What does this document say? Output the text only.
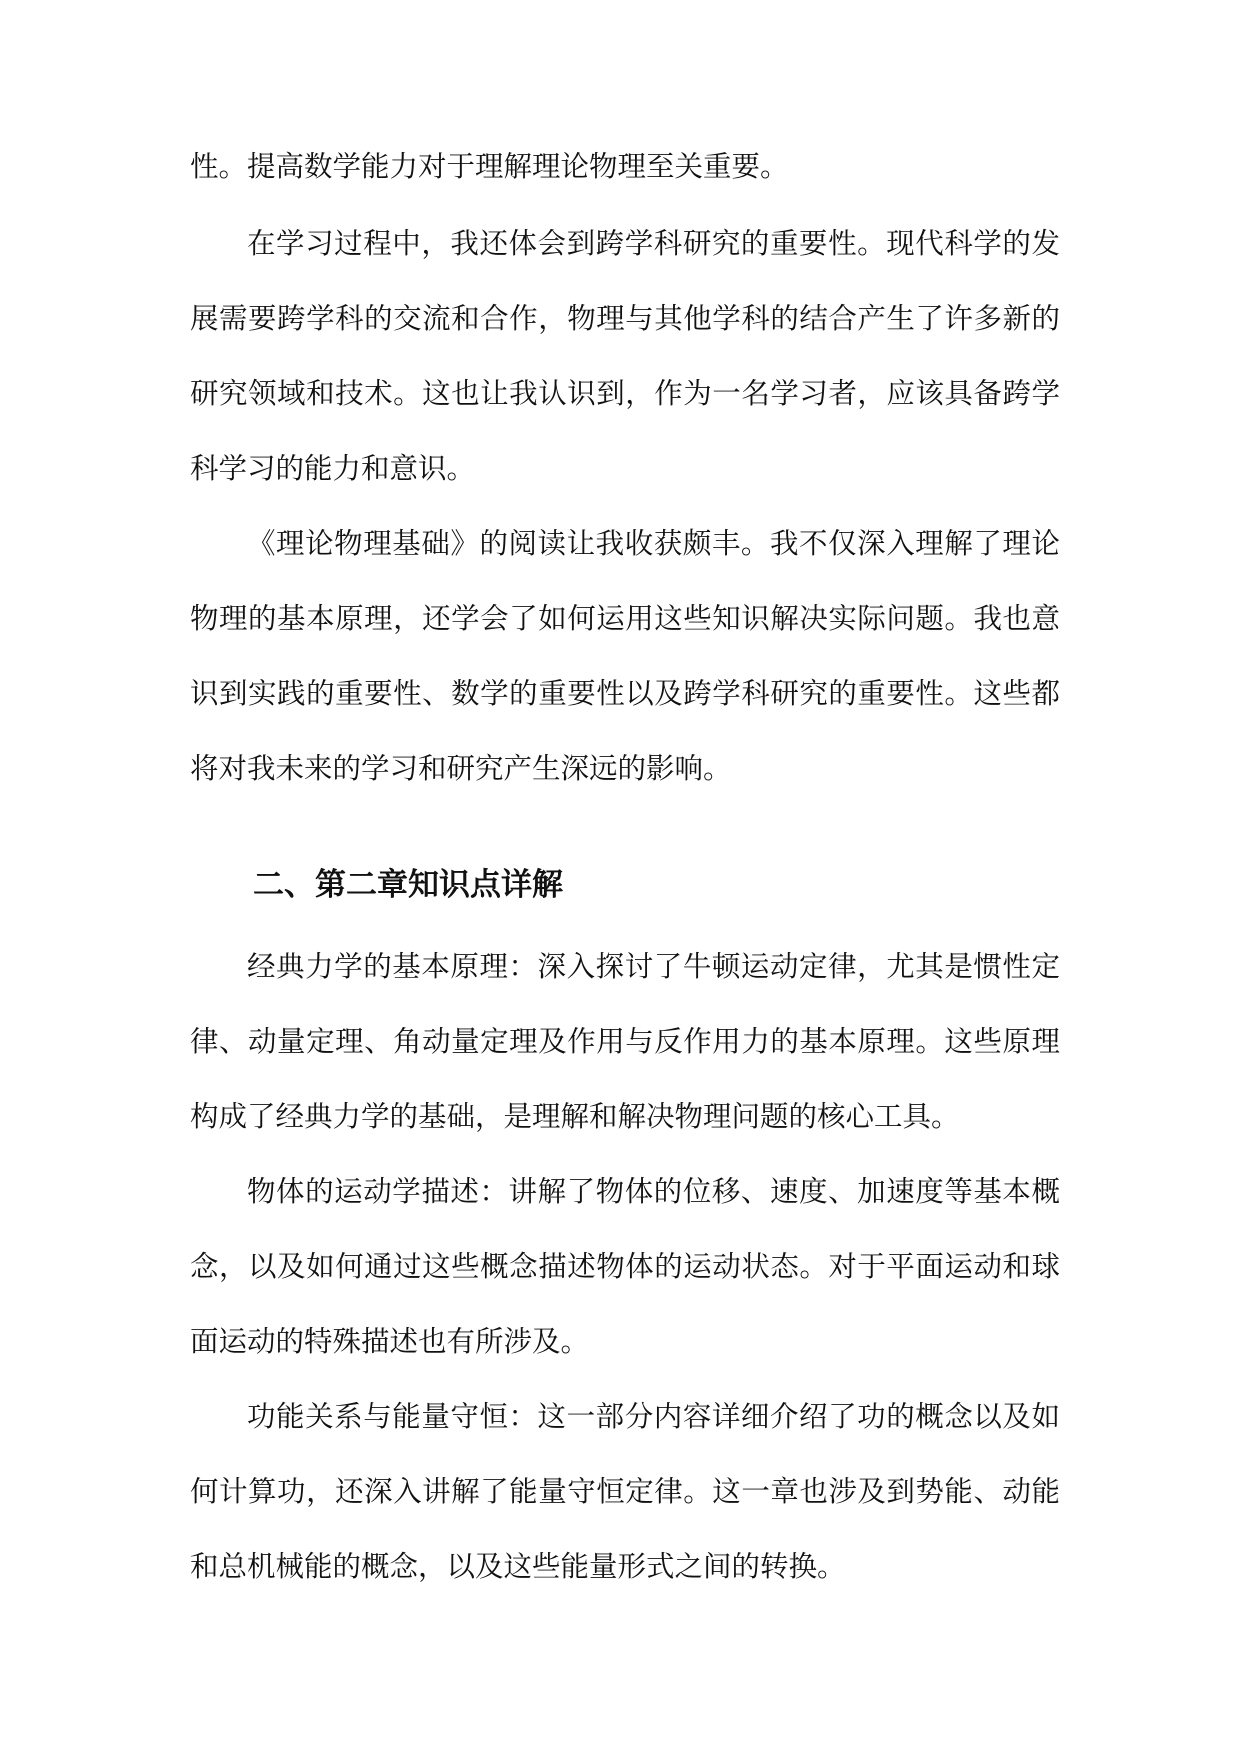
性。提高数学能力对于理解理论物理至关重要。
在学习过程中，我还体会到跨学科研究的重要性。现代科学的发
展需要跨学科的交流和合作，物理与其他学科的结合产生了许多新的
研究领域和技术。这也让我认识到，作为一名学习者，应该具备跨学
科学习的能力和意识。
《理论物理基础》的阅读让我收获颇丰。我不仅深入理解了理论
物理的基本原理，还学会了如何运用这些知识解决实际问题。我也意
识到实践的重要性、数学的重要性以及跨学科研究的重要性。这些都
将对我未来的学习和研究产生深远的影响。
二、第二章知识点详解
经典力学的基本原理：深入探讨了牛顿运动定律，尤其是惯性定
律、动量定理、角动量定理及作用与反作用力的基本原理。这些原理
构成了经典力学的基础，是理解和解决物理问题的核心工具。
物体的运动学描述：讲解了物体的位移、速度、加速度等基本概
念，以及如何通过这些概念描述物体的运动状态。对于平面运动和球
面运动的特殊描述也有所涉及。
功能关系与能量守恒：这一部分内容详细介绍了功的概念以及如
何计算功，还深入讲解了能量守恒定律。这一章也涉及到势能、动能
和总机械能的概念，以及这些能量形式之间的转换。
